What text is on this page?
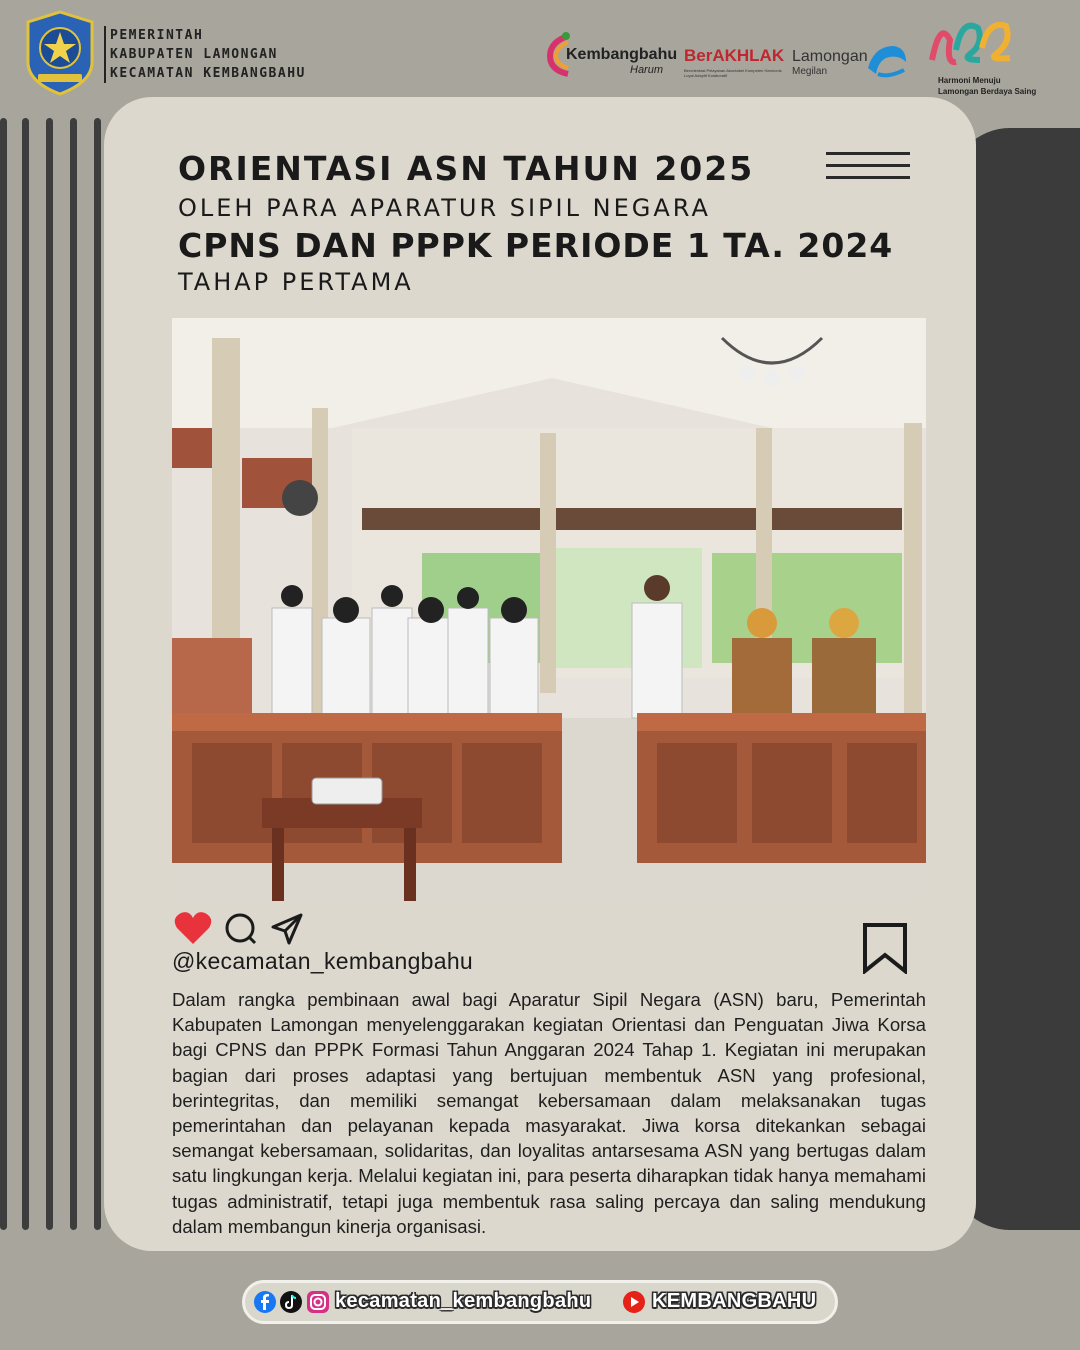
PEMERINTAH
KABUPATEN LAMONGAN
KECAMATAN KEMBANGBAHU
Kembangbahu
Harum
BerAKHLAK
Berorientasi Pelayanan Akuntabel Kompeten Harmonis Loyal Adaptif Kolaboratif
Lamongan
Megilan
Harmoni Menuju
Lamongan Berdaya Saing
ORIENTASI ASN TAHUN 2025
OLEH PARA APARATUR SIPIL NEGARA
CPNS DAN PPPK PERIODE 1 TA. 2024
TAHAP PERTAMA
@kecamatan_kembangbahu
Dalam rangka pembinaan awal bagi Aparatur Sipil Negara (ASN) baru, Pemerintah Kabupaten Lamongan menyelenggarakan kegiatan Orientasi dan Penguatan Jiwa Korsa bagi CPNS dan PPPK Formasi Tahun Anggaran 2024 Tahap 1. Kegiatan ini merupakan bagian dari proses adaptasi yang bertujuan membentuk ASN yang profesional, berintegritas, dan memiliki semangat kebersamaan dalam melaksanakan tugas pemerintahan dan pelayanan kepada masyarakat. Jiwa korsa ditekankan sebagai semangat kebersamaan, solidaritas, dan loyalitas antarsesama ASN yang bertugas dalam satu lingkungan kerja. Melalui kegiatan ini, para peserta diharapkan tidak hanya memahami tugas administratif, tetapi juga membentuk rasa saling percaya dan saling mendukung dalam membangun kinerja organisasi.
kecamatan_kembangbahu	KEMBANGBAHU
